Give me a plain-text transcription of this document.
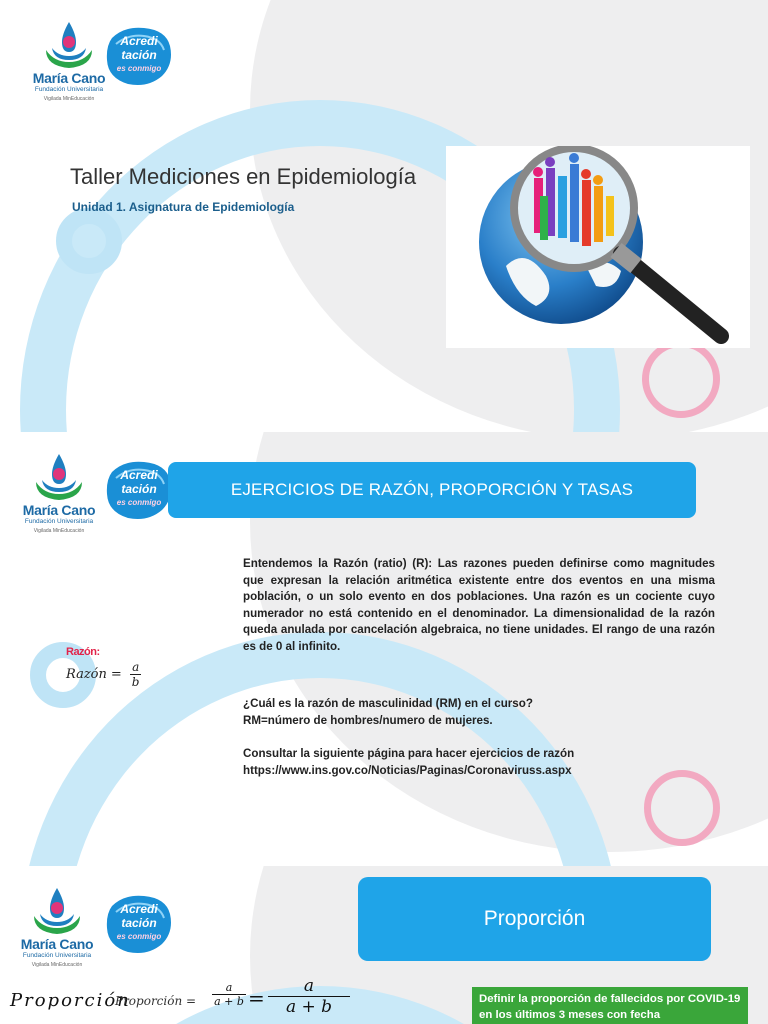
María Cano
Fundación Universitaria
Vigilada MinEducación
Acredi
tación
es conmigo
Taller Mediciones en Epidemiología
Unidad 1. Asignatura de Epidemiología
María Cano
Fundación Universitaria
Vigilada MinEducación
Acredi
tación
es conmigo
EJERCICIOS DE RAZÓN, PROPORCIÓN Y TASAS
Razón:
Razón = $\frac{a}{b}$

Entendemos la Razón (ratio) (R): Las razones pueden definirse como magnitudes que expresan la relación aritmética existente entre dos eventos en una misma población, o un solo evento en dos poblaciones. Una razón es un cociente cuyo numerador no está contenido en el denominador. La dimensionalidad de la razón queda anulada por cancelación algebraica, no tiene unidades. El rango de una razón es de 0 al infinito.

¿Cuál es la razón de masculinidad (RM) en el curso?
RM=número de hombres/numero de mujeres.
Consultar la siguiente página para hacer ejercicios de razón
https://www.ins.gov.co/Noticias/Paginas/Coronaviruss.aspx
María Cano
Fundación Universitaria
Vigilada MinEducación
Acredi
tación
es conmigo
Proporción
Proporción
Proporción =
a
a + b = a
a + b	Definir la proporción de fallecidos por COVID-19 en los últimos 3 meses con fecha
